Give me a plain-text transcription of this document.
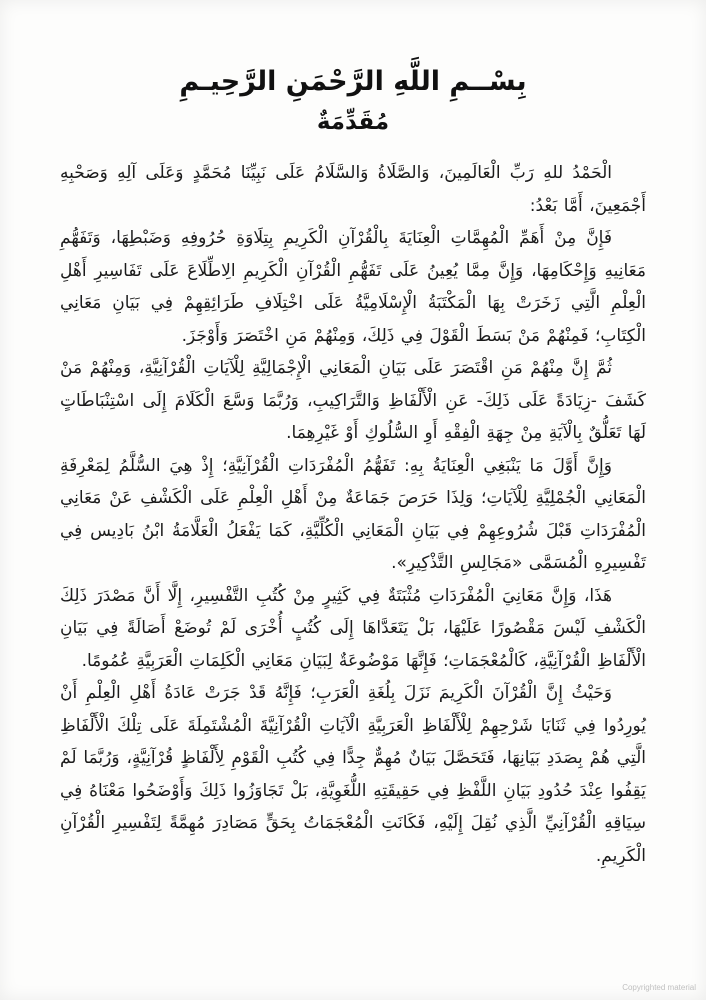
بِسْــمِ اللَّهِ الرَّحْمَنِ الرَّحِيـمِ
مُقَدِّمَةٌ

الْحَمْدُ للهِ رَبِّ الْعَالَمِينَ، وَالصَّلَاةُ وَالسَّلَامُ عَلَى نَبِيِّنَا مُحَمَّدٍ وَعَلَى آلِهِ وَصَحْبِهِ أَجْمَعِينَ، أَمَّا بَعْدُ:

فَإِنَّ مِنْ أَهَمِّ الْمُهِمَّاتِ الْعِنَايَةَ بِالْقُرْآنِ الْكَرِيمِ بِتِلَاوَةِ حُرُوفِهِ وَضَبْطِهَا، وَتَفَهُّمِ مَعَانِيهِ وَإِحْكَامِهَا، وَإِنَّ مِمَّا يُعِينُ عَلَى تَفَهُّمِ الْقُرْآنِ الْكَرِيمِ الِاطِّلَاعَ عَلَى تَفَاسِيرِ أَهْلِ الْعِلْمِ الَّتِي زَخَرَتْ بِهَا الْمَكْتَبَةُ الْإِسْلَامِيَّةُ عَلَى اخْتِلَافِ طَرَائِقِهِمْ فِي بَيَانِ مَعَانِي الْكِتَابِ؛ فَمِنْهُمْ مَنْ بَسَطَ الْقَوْلَ فِي ذَلِكَ، وَمِنْهُمْ مَنِ اخْتَصَرَ وَأَوْجَزَ.

ثُمَّ إِنَّ مِنْهُمْ مَنِ اقْتَصَرَ عَلَى بَيَانِ الْمَعَانِي الْإِجْمَالِيَّةِ لِلْآيَاتِ الْقُرْآنِيَّةِ، وَمِنْهُمْ مَنْ كَشَفَ -زِيَادَةً عَلَى ذَلِكَ- عَنِ الْأَلْفَاظِ وَالتَّرَاكِيبِ، وَرُبَّمَا وَسَّعَ الْكَلَامَ إِلَى اسْتِنْبَاطَاتٍ لَهَا تَعَلُّقٌ بِالْآيَةِ مِنْ جِهَةِ الْفِقْهِ أَوِ السُّلُوكِ أَوْ غَيْرِهِمَا.

وَإِنَّ أَوَّلَ مَا يَنْبَغِي الْعِنَايَةُ بِهِ: تَفَهُّمُ الْمُفْرَدَاتِ الْقُرْآنِيَّةِ؛ إِذْ هِيَ السُّلَّمُ لِمَعْرِفَةِ الْمَعَانِي الْجُمْلِيَّةِ لِلْآيَاتِ؛ وَلِذَا حَرَصَ جَمَاعَةٌ مِنْ أَهْلِ الْعِلْمِ عَلَى الْكَشْفِ عَنْ مَعَانِي الْمُفْرَدَاتِ قَبْلَ شُرُوعِهِمْ فِي بَيَانِ الْمَعَانِي الْكُلِّيَّةِ، كَمَا يَفْعَلُ الْعَلَّامَةُ ابْنُ بَادِيس فِي تَفْسِيرِهِ الْمُسَمَّى «مَجَالِسِ التَّذْكِيرِ».

هَذَا، وَإِنَّ مَعَانِيَ الْمُفْرَدَاتِ مُثْبَتَةٌ فِي كَثِيرٍ مِنْ كُتُبِ التَّفْسِيرِ، إِلَّا أَنَّ مَصْدَرَ ذَلِكَ الْكَشْفِ لَيْسَ مَقْصُورًا عَلَيْهَا، بَلْ يَتَعَدَّاهَا إِلَى كُتُبٍ أُخْرَى لَمْ تُوضَعْ أَصَالَةً فِي بَيَانِ الْأَلْفَاظِ الْقُرْآنِيَّةِ، كَالْمُعْجَمَاتِ؛ فَإِنَّهَا مَوْضُوعَةٌ لِبَيَانِ مَعَانِي الْكَلِمَاتِ الْعَرَبِيَّةِ عُمُومًا.

وَحَيْثُ إِنَّ الْقُرْآنَ الْكَرِيمَ نَزَلَ بِلُغَةِ الْعَرَبِ؛ فَإِنَّهُ قَدْ جَرَتْ عَادَةُ أَهْلِ الْعِلْمِ أَنْ يُورِدُوا فِي ثَنَايَا شَرْحِهِمْ لِلْأَلْفَاظِ الْعَرَبِيَّةِ الْآيَاتِ الْقُرْآنِيَّةَ الْمُشْتَمِلَةَ عَلَى تِلْكَ الْأَلْفَاظِ الَّتِي هُمْ بِصَدَدِ بَيَانِهَا، فَتَحَصَّلَ بَيَانٌ مُهِمٌّ جِدًّا فِي كُتُبِ الْقَوْمِ لِأَلْفَاظٍ قُرْآنِيَّةٍ، وَرُبَّمَا لَمْ يَقِفُوا عِنْدَ حُدُودِ بَيَانِ اللَّفْظِ فِي حَقِيقَتِهِ اللُّغَوِيَّةِ، بَلْ تَجَاوَزُوا ذَلِكَ وَأَوْضَحُوا مَعْنَاهُ فِي سِيَاقِهِ الْقُرْآنِيِّ الَّذِي نُقِلَ إِلَيْهِ، فَكَانَتِ الْمُعْجَمَاتُ بِحَقٍّ مَصَادِرَ مُهِمَّةً لِتَفْسِيرِ الْقُرْآنِ الْكَرِيمِ.

Copyrighted material
